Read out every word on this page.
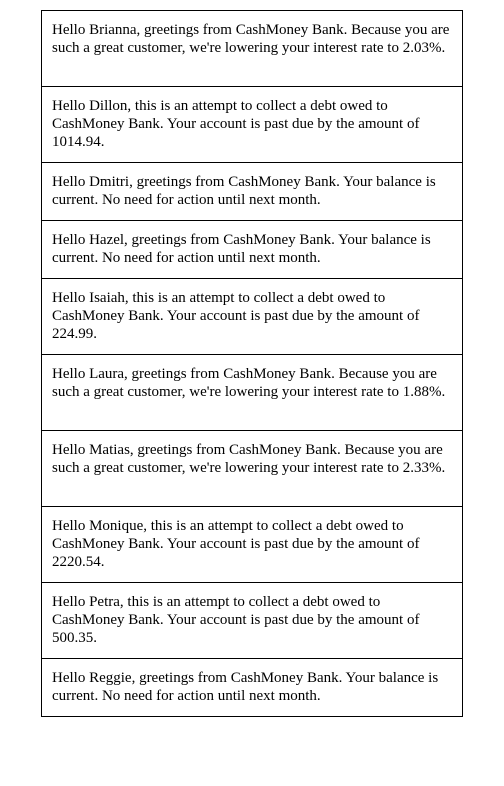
Hello Brianna, greetings from CashMoney Bank. Because you are such a great customer, we're lowering your interest rate to 2.03%.
Hello Dillon, this is an attempt to collect a debt owed to CashMoney Bank. Your account is past due by the amount of 1014.94.
Hello Dmitri, greetings from CashMoney Bank. Your balance is current. No need for action until next month.
Hello Hazel, greetings from CashMoney Bank. Your balance is current. No need for action until next month.
Hello Isaiah, this is an attempt to collect a debt owed to CashMoney Bank. Your account is past due by the amount of 224.99.
Hello Laura, greetings from CashMoney Bank. Because you are such a great customer, we're lowering your interest rate to 1.88%.
Hello Matias, greetings from CashMoney Bank. Because you are such a great customer, we're lowering your interest rate to 2.33%.
Hello Monique, this is an attempt to collect a debt owed to CashMoney Bank. Your account is past due by the amount of 2220.54.
Hello Petra, this is an attempt to collect a debt owed to CashMoney Bank. Your account is past due by the amount of 500.35.
Hello Reggie, greetings from CashMoney Bank. Your balance is current. No need for action until next month.
